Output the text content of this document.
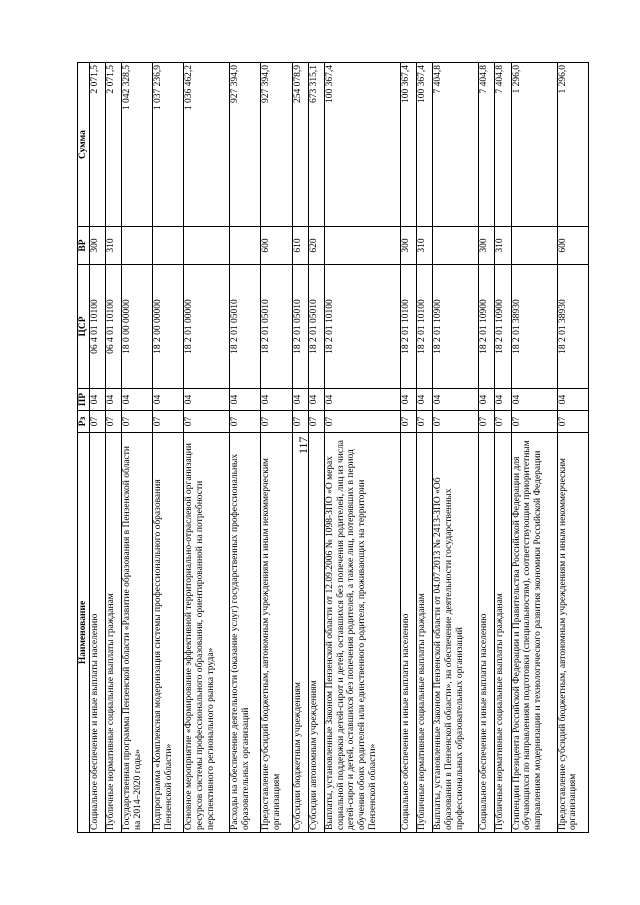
117
Наименование	Рз	ПР	ЦСР	ВР	Сумма
Социальное обеспечение и иные выплаты населению	07	04	06 4 01 10100	300	2 071,5
Публичные нормативные социальные выплаты гражданам	07	04	06 4 01 10100	310	2 071,5
Государственная программа Пензенской области «Развитие образования в Пензенской области на 2014–2020 годы»	07	04	18 0 00 00000		1 042 328,5
Подпрограмма «Комплексная модернизация системы профессионального образования Пензенской области»	07	04	18 2 00 00000		1 037 236,9
Основное мероприятие «Формирование эффективной территориально-отраслевой организации ресурсов системы профессионального образования, ориентированной на потребности перспективного регионального рынка труда»	07	04	18 2 01 00000		1 036 462,2
Расходы на обеспечение деятельности (оказание услуг) государственных профессиональных образовательных организаций	07	04	18 2 01 05010		927 394,0
Предоставление субсидий бюджетным, автономным учреждениям и иным некоммерческим организациям	07	04	18 2 01 05010	600	927 394,0
Субсидии бюджетным учреждениям	07	04	18 2 01 05010	610	254 078,9
Субсидии автономным учреждениям	07	04	18 2 01 05010	620	673 315,1
Выплаты, установленные Законом Пензенской области от 12.09.2006 № 1098-ЗПО «О мерах социальной поддержки детей-сирот и детей, оставшихся без попечения родителей, лиц из числа детей-сирот и детей, оставшихся без попечения родителей, а также лиц, потерявших в период обучения обоих родителей или единственного родителя, проживающих на территории Пензенской области»	07	04	18 2 01 10100		100 367,4
Социальное обеспечение и иные выплаты населению	07	04	18 2 01 10100	300	100 367,4
Публичные нормативные социальные выплаты гражданам	07	04	18 2 01 10100	310	100 367,4
Выплаты, установленные Законом Пензенской области от 04.07.2013 № 2413-ЗПО «Об образовании в Пензенской области», на обеспечение деятельности государственных профессиональных образовательных организаций	07	04	18 2 01 10900		7 404,8
Социальное обеспечение и иные выплаты населению	07	04	18 2 01 10900	300	7 404,8
Публичные нормативные социальные выплаты гражданам	07	04	18 2 01 10900	310	7 404,8
Стипендии Президента Российской Федерации и Правительства Российской Федерации для обучающихся по направлениям подготовки (специальностям), соответствующим приоритетным направлениям модернизации и технологического развития экономики Российской Федерации	07	04	18 2 01 38930		1 296,0
Предоставление субсидий бюджетным, автономным учреждениям и иным некоммерческим организациям	07	04	18 2 01 38930	600	1 296,0
